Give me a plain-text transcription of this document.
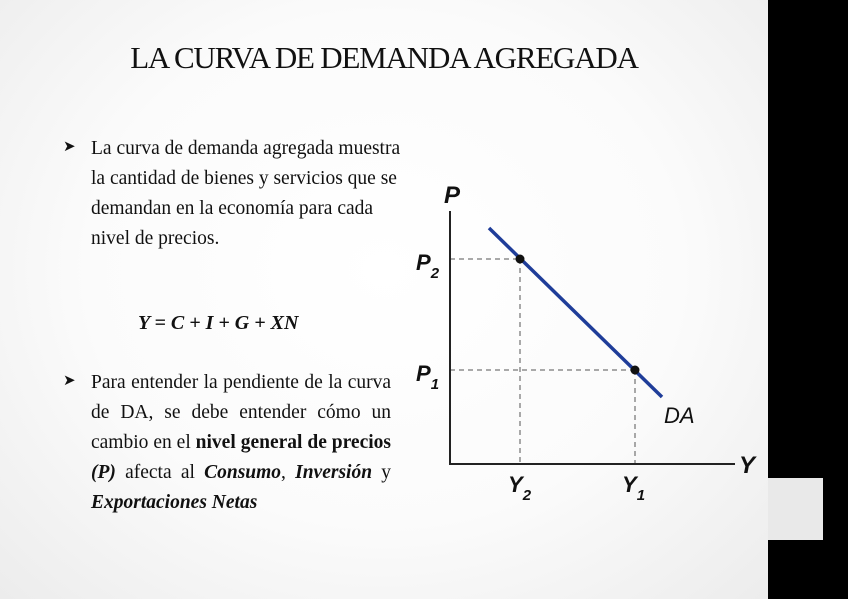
LA CURVA DE DEMANDA AGREGADA
➤ La curva de demanda agregada muestra la cantidad de bienes y servicios que se demandan en la economía para cada nivel de precios.
Y = C + I + G + XN
➤ Para entender la pendiente de la curva de DA, se debe entender cómo un cambio en el nivel general de precios (P) afecta al Consumo, Inversión y
Exportaciones Netas
P
Y
DA
$P_2$
$P_1$
$Y_2$	$Y_1$
